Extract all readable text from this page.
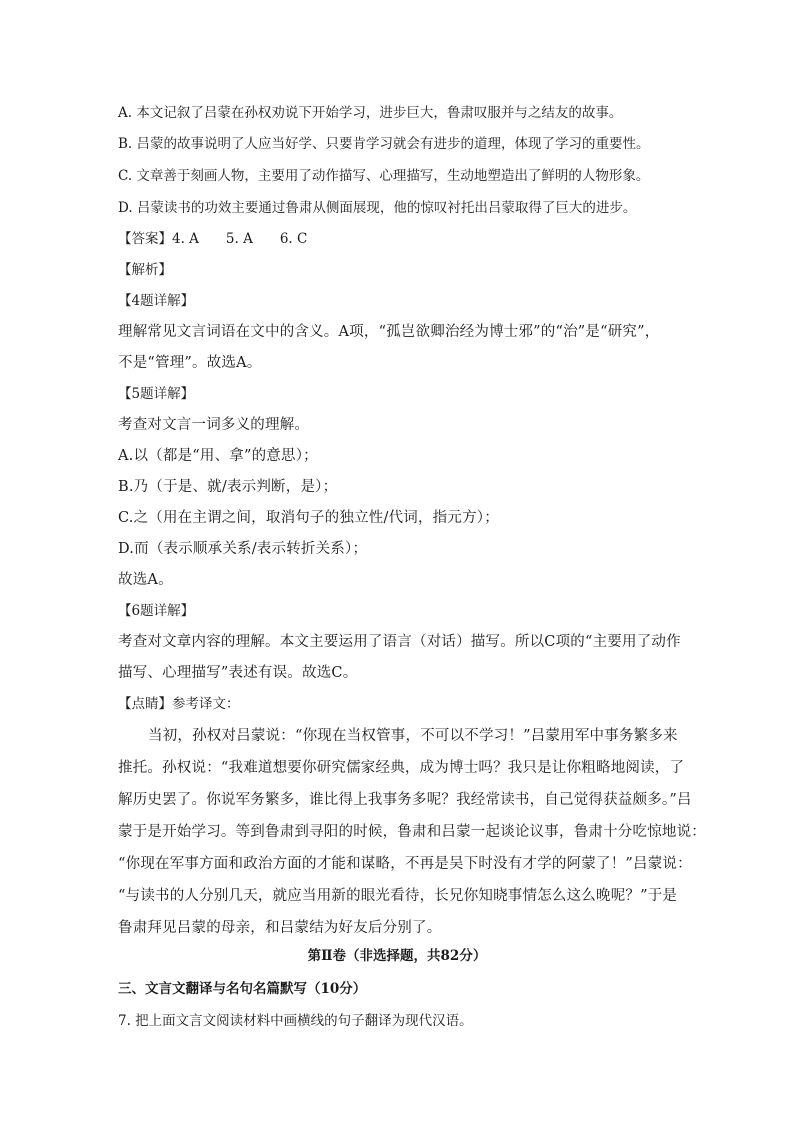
A. 本文记叙了吕蒙在孙权劝说下开始学习，进步巨大，鲁肃叹服并与之结友的故事。
B. 吕蒙的故事说明了人应当好学、只要肯学习就会有进步的道理，体现了学习的重要性。
C. 文章善于刻画人物，主要用了动作描写、心理描写，生动地塑造出了鲜明的人物形象。
D. 吕蒙读书的功效主要通过鲁肃从侧面展现，他的惊叹衬托出吕蒙取得了巨大的进步。
【答案】4. A　　5. A　　6. C
【解析】
【4题详解】
理解常见文言词语在文中的含义。A项，“孤岂欲卿治经为博士邪”的“治”是“研究”，
不是“管理”。故选A。
【5题详解】
考查对文言一词多义的理解。
A.以（都是“用、拿”的意思）；
B.乃（于是、就/表示判断，是）；
C.之（用在主谓之间，取消句子的独立性/代词，指元方）；
D.而（表示顺承关系/表示转折关系）；
故选A。
【6题详解】
考查对文章内容的理解。本文主要运用了语言（对话）描写。所以C项的“主要用了动作
描写、心理描写”表述有误。故选C。
【点睛】参考译文：
当初，孙权对吕蒙说：“你现在当权管事，不可以不学习！”吕蒙用军中事务繁多来
推托。孙权说：“我难道想要你研究儒家经典，成为博士吗？我只是让你粗略地阅读，了
解历史罢了。你说军务繁多，谁比得上我事务多呢？我经常读书，自己觉得获益颇多。”吕
蒙于是开始学习。等到鲁肃到寻阳的时候，鲁肃和吕蒙一起谈论议事，鲁肃十分吃惊地说：
“你现在军事方面和政治方面的才能和谋略，不再是吴下时没有才学的阿蒙了！”吕蒙说：
“与读书的人分别几天，就应当用新的眼光看待，长兄你知晓事情怎么这么晚呢？”于是
鲁肃拜见吕蒙的母亲，和吕蒙结为好友后分别了。
第Ⅱ卷（非选择题，共82分）
三、文言文翻译与名句名篇默写（10分）
7. 把上面文言文阅读材料中画横线的句子翻译为现代汉语。
